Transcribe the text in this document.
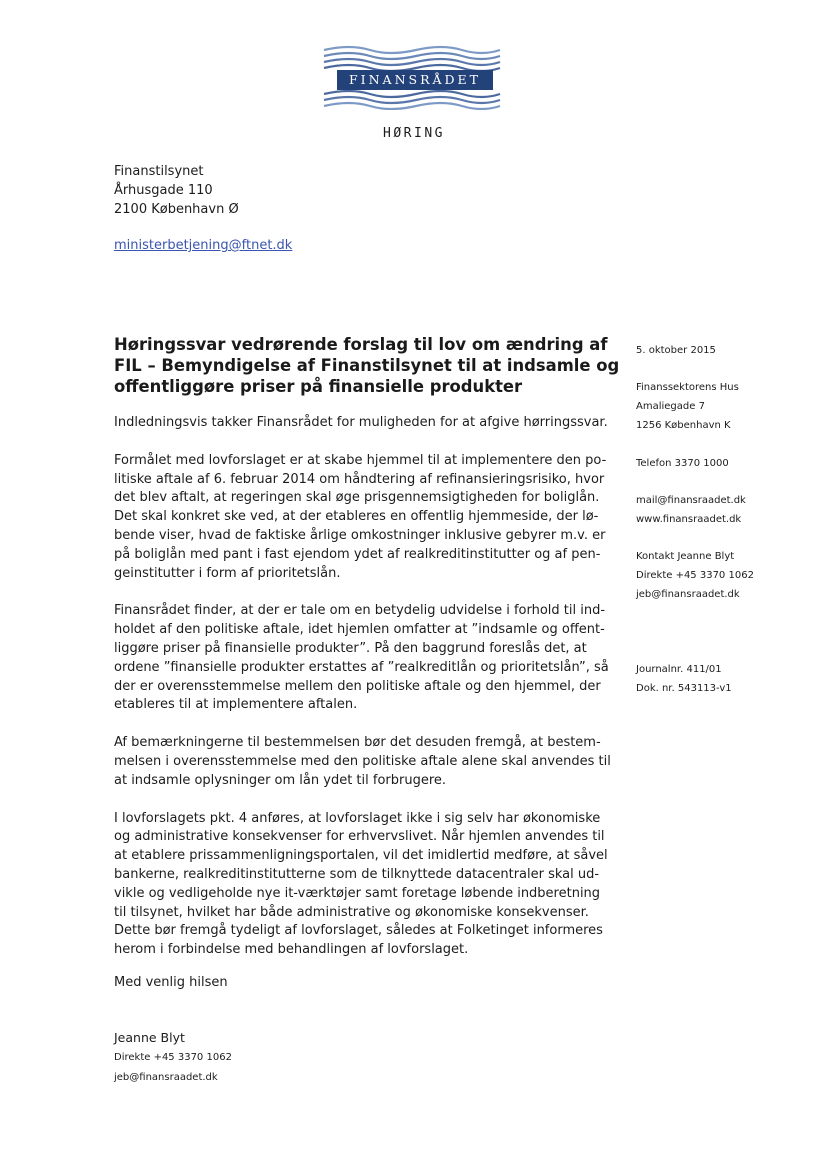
FINANSRÅDET
HØRING
Finanstilsynet
Århusgade 110
2100 København Ø
ministerbetjening@ftnet.dk
Høringssvar vedrørende forslag til lov om ændring af
FIL – Bemyndigelse af Finanstilsynet til at indsamle og
offentliggøre priser på finansielle produkter
Indledningsvis takker Finansrådet for muligheden for at afgive hørringssvar.
Formålet med lovforslaget er at skabe hjemmel til at implementere den po-
litiske aftale af 6. februar 2014 om håndtering af refinansieringsrisiko, hvor
det blev aftalt, at regeringen skal øge prisgennemsigtigheden for boliglån.
Det skal konkret ske ved, at der etableres en offentlig hjemmeside, der lø-
bende viser, hvad de faktiske årlige omkostninger inklusive gebyrer m.v. er
på boliglån med pant i fast ejendom ydet af realkreditinstitutter og af pen-
geinstitutter i form af prioritetslån.
Finansrådet finder, at der er tale om en betydelig udvidelse i forhold til ind-
holdet af den politiske aftale, idet hjemlen omfatter at ”indsamle og offent-
liggøre priser på finansielle produkter”. På den baggrund foreslås det, at
ordene ”finansielle produkter erstattes af ”realkreditlån og prioritetslån”, så
der er overensstemmelse mellem den politiske aftale og den hjemmel, der
etableres til at implementere aftalen.
Af bemærkningerne til bestemmelsen bør det desuden fremgå, at bestem-
melsen i overensstemmelse med den politiske aftale alene skal anvendes til
at indsamle oplysninger om lån ydet til forbrugere.
I lovforslagets pkt. 4 anføres, at lovforslaget ikke i sig selv har økonomiske
og administrative konsekvenser for erhvervslivet. Når hjemlen anvendes til
at etablere prissammenligningsportalen, vil det imidlertid medføre, at såvel
bankerne, realkreditinstitutterne som de tilknyttede datacentraler skal ud-
vikle og vedligeholde nye it-værktøjer samt foretage løbende indberetning
til tilsynet, hvilket har både administrative og økonomiske konsekvenser.
Dette bør fremgå tydeligt af lovforslaget, således at Folketinget informeres
herom i forbindelse med behandlingen af lovforslaget.
5. oktober 2015
Finanssektorens Hus
Amaliegade 7
1256 København K
Telefon 3370 1000
mail@finansraadet.dk
www.finansraadet.dk
Kontakt Jeanne Blyt
Direkte +45 3370 1062
jeb@finansraadet.dk
Journalnr. 411/01
Dok. nr. 543113-v1
Med venlig hilsen
Jeanne Blyt
Direkte +45 3370 1062
jeb@finansraadet.dk
